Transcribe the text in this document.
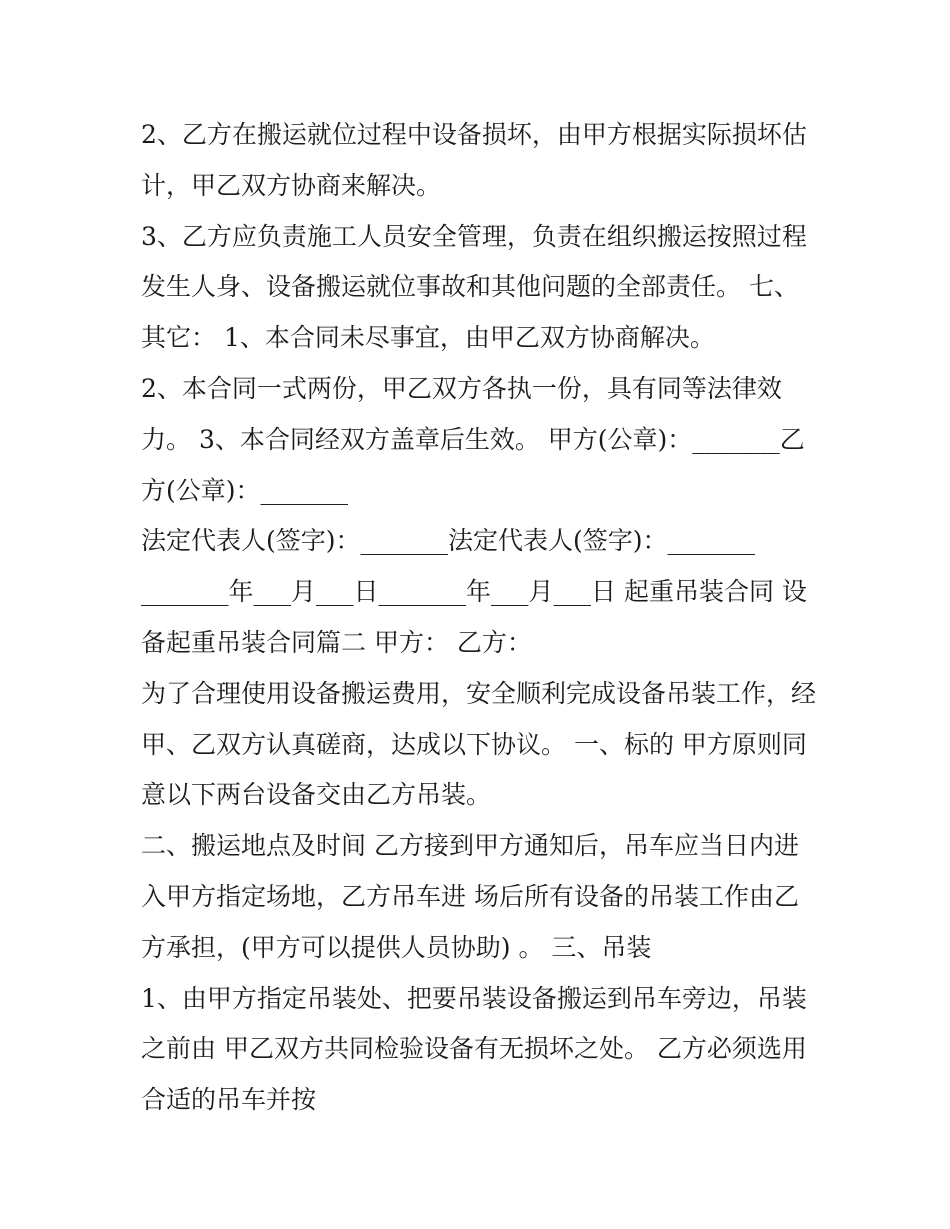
2、乙方在搬运就位过程中设备损坏，由甲方根据实际损坏估
计，甲乙双方协商来解决。
3、乙方应负责施工人员安全管理，负责在组织搬运按照过程
发生人身、设备搬运就位事故和其他问题的全部责任。 七、
其它： 1、本合同未尽事宜，由甲乙双方协商解决。
2、本合同一式两份，甲乙双方各执一份，具有同等法律效
力。 3、本合同经双方盖章后生效。 甲方(公章)：_______乙
方(公章)：_______
法定代表人(签字)：_______法定代表人(签字)：_______
_______年___月___日_______年___月___日 起重吊装合同 设
备起重吊装合同篇二 甲方： 乙方：
为了合理使用设备搬运费用，安全顺利完成设备吊装工作，经
甲、乙双方认真磋商，达成以下协议。 一、标的 甲方原则同
意以下两台设备交由乙方吊装。
二、搬运地点及时间 乙方接到甲方通知后，吊车应当日内进
入甲方指定场地，乙方吊车进 场后所有设备的吊装工作由乙
方承担，(甲方可以提供人员协助) 。 三、吊装
1、由甲方指定吊装处、把要吊装设备搬运到吊车旁边，吊装
之前由 甲乙双方共同检验设备有无损坏之处。 乙方必须选用
合适的吊车并按
